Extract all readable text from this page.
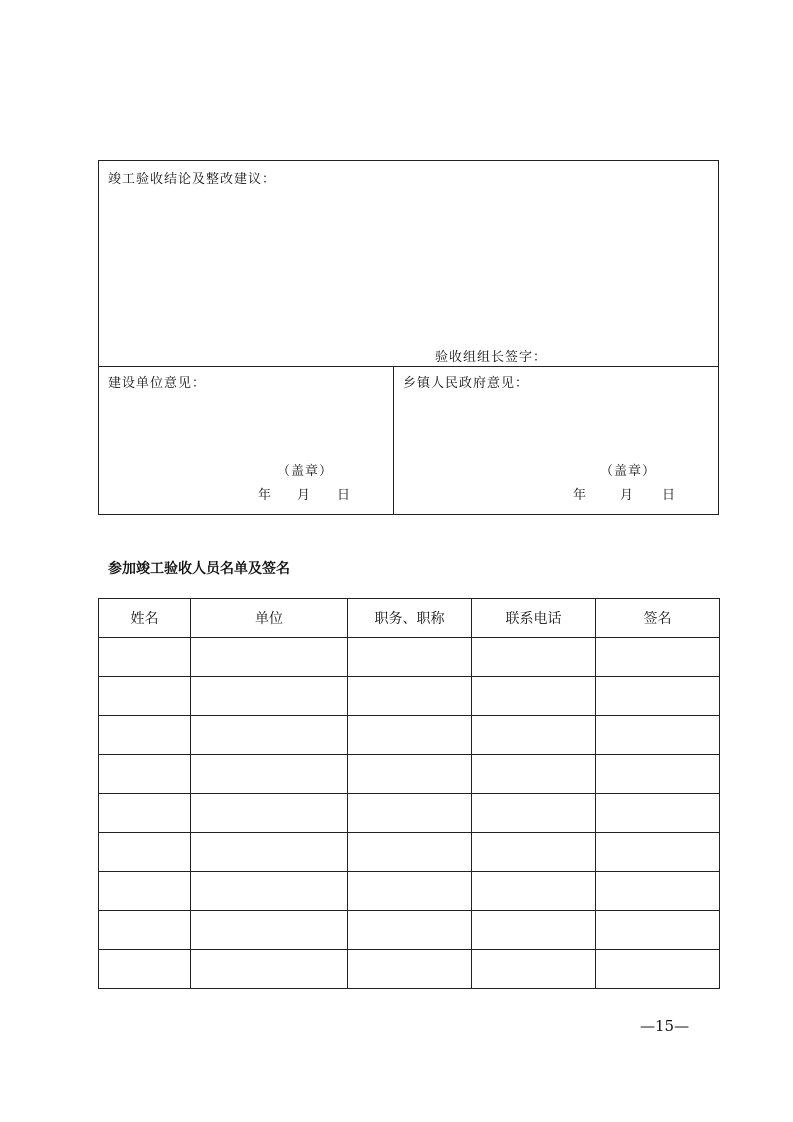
竣工验收结论及整改建议：
验收组组长签字：
建设单位意见：
（盖章）
年 月 日
乡镇人民政府意见：
（盖章）
年	月 日
参加竣工验收人员名单及签名
姓名	单位	职务、职称	联系电话	签名

—15—
